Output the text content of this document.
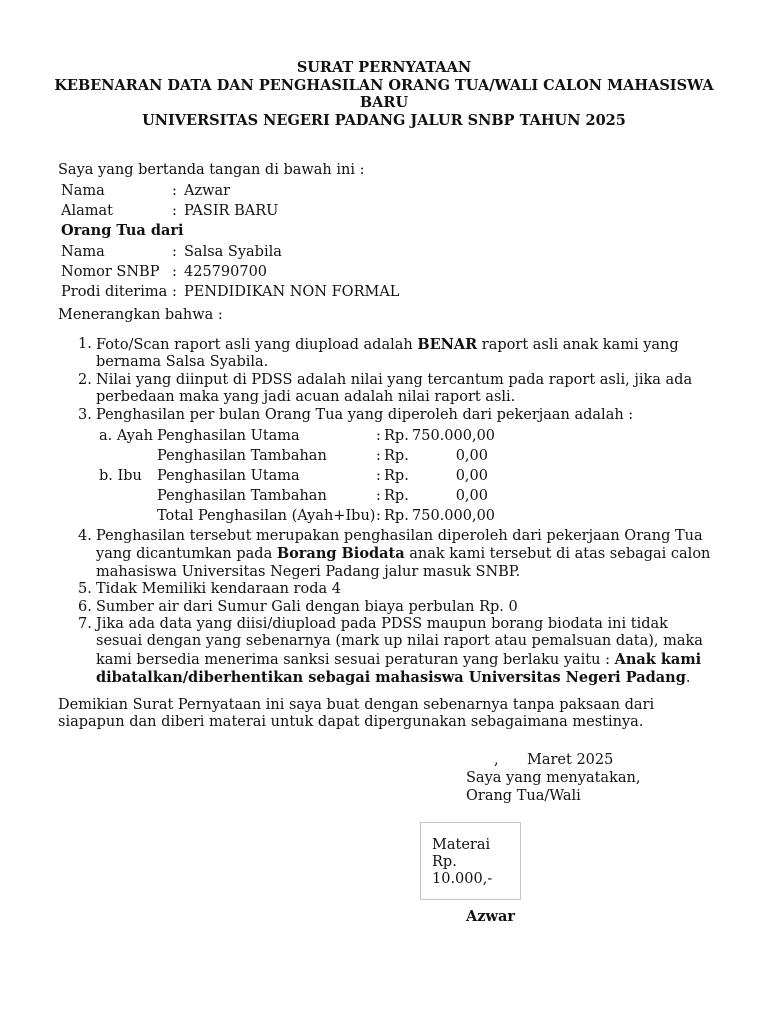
SURAT PERNYATAAN
KEBENARAN DATA DAN PENGHASILAN ORANG TUA/WALI CALON MAHASISWA
BARU
UNIVERSITAS NEGERI PADANG JALUR SNBP TAHUN 2025
Saya yang bertanda tangan di bawah ini :
Nama	: Azwar
Alamat	: PASIR BARU
Orang Tua dari
Nama	: Salsa Syabila
Nomor SNBP : 425790700
Prodi diterima : PENDIDIKAN NON FORMAL
Menerangkan bahwa :
1. Foto/Scan raport asli yang diupload adalah BENAR raport asli anak kami yang
bernama Salsa Syabila.
2. Nilai yang diinput di PDSS adalah nilai yang tercantum pada raport asli, jika ada
perbedaan maka yang jadi acuan adalah nilai raport asli.
3. Penghasilan per bulan Orang Tua yang diperoleh dari pekerjaan adalah :
a. Ayah Penghasilan Utama	: Rp. 750.000,00
Penghasilan Tambahan	: Rp.	0,00
b. Ibu	Penghasilan Utama	: Rp.	0,00
Penghasilan Tambahan	: Rp.	0,00
Total Penghasilan (Ayah+Ibu) : Rp. 750.000,00
4. Penghasilan tersebut merupakan penghasilan diperoleh dari pekerjaan Orang Tua
yang dicantumkan pada Borang Biodata anak kami tersebut di atas sebagai calon
mahasiswa Universitas Negeri Padang jalur masuk SNBP.
5. Tidak Memiliki kendaraan roda 4
6. Sumber air dari Sumur Gali dengan biaya perbulan Rp. 0
7. Jika ada data yang diisi/diupload pada PDSS maupun borang biodata ini tidak
sesuai dengan yang sebenarnya (mark up nilai raport atau pemalsuan data), maka
kami bersedia menerima sanksi sesuai peraturan yang berlaku yaitu : Anak kami
dibatalkan/diberhentikan sebagai mahasiswa Universitas Negeri Padang.
Demikian Surat Pernyataan ini saya buat dengan sebenarnya tanpa paksaan dari
siapapun dan diberi materai untuk dapat dipergunakan sebagaimana mestinya.
, Maret 2025
Saya yang menyatakan,
Orang Tua/Wali
Materai
Rp.
10.000,-
Azwar
